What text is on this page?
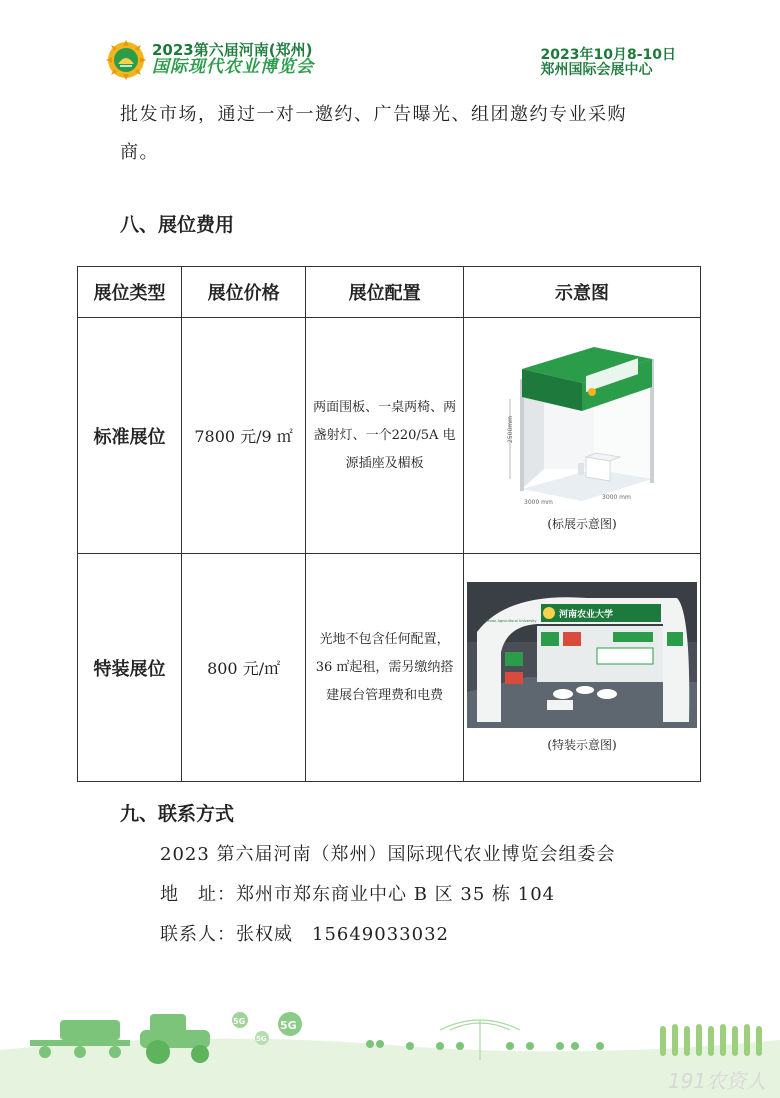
2023第六届河南(郑州)
国际现代农业博览会
2023年10月8-10日
郑州国际会展中心
批发市场，通过一对一邀约、广告曝光、组团邀约专业采购
商。
八、展位费用
展位类型	展位价格	展位配置	示意图
标准展位	7800 元/9 ㎡	两面围板、一桌两椅、两盏射灯、一个220/5A 电源插座及楣板	2500mm
3000 mm
3000 mm
(标展示意图)

特装展位	800 元/㎡	光地不包含任何配置，36 ㎡起租，需另缴纳搭建展台管理费和电费	河南农业大学
Henan Agricultural University
(特装示意图)
九、联系方式
2023 第六届河南（郑州）国际现代农业博览会组委会
地　址：郑州市郑东商业中心 B 区 35 栋 104
联系人：张权威　15649033032
5G
5G
5G
191农资人
